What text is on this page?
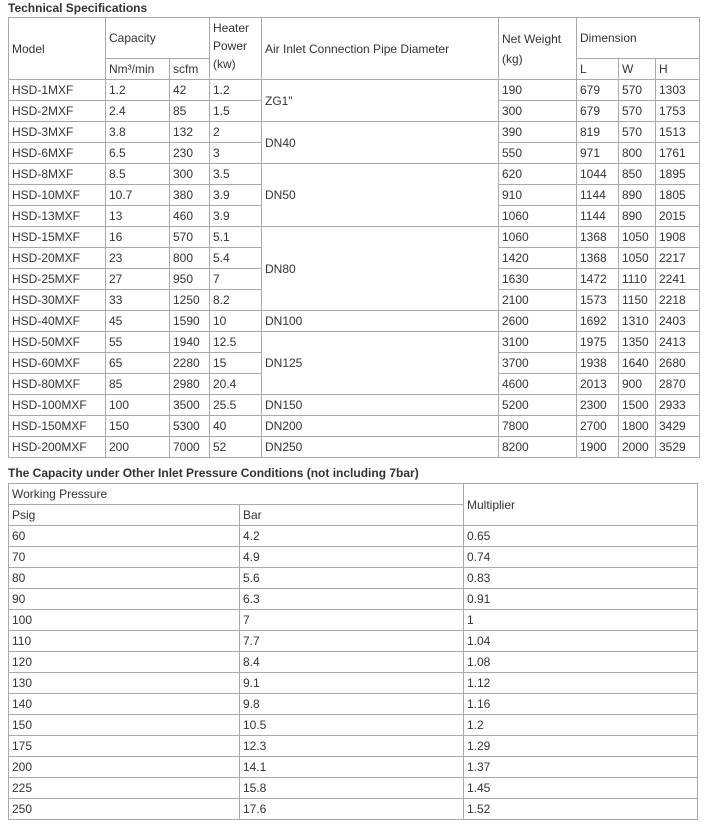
Technical Specifications
Model	Capacity		Heater Power (kw)	Air Inlet Connection Pipe Diameter	Net Weight (kg)	Dimension		
	Nm³/min	scfm				L	W	H
HSD-1MXF	1.2	42	1.2	ZG1"	190	679	570	1303
HSD-2MXF	2.4	85	1.5		300	679	570	1753
HSD-3MXF	3.8	132	2	DN40	390	819	570	1513
HSD-6MXF	6.5	230	3		550	971	800	1761
HSD-8MXF	8.5	300	3.5	DN50	620	1044	850	1895
HSD-10MXF	10.7	380	3.9		910	1144	890	1805
HSD-13MXF	13	460	3.9		1060	1144	890	2015
HSD-15MXF	16	570	5.1	DN80	1060	1368	1050	1908
HSD-20MXF	23	800	5.4		1420	1368	1050	2217
HSD-25MXF	27	950	7		1630	1472	1110	2241
HSD-30MXF	33	1250	8.2		2100	1573	1150	2218
HSD-40MXF	45	1590	10	DN100	2600	1692	1310	2403
HSD-50MXF	55	1940	12.5	DN125	3100	1975	1350	2413
HSD-60MXF	65	2280	15		3700	1938	1640	2680
HSD-80MXF	85	2980	20.4		4600	2013	900	2870
HSD-100MXF	100	3500	25.5	DN150	5200	2300	1500	2933
HSD-150MXF	150	5300	40	DN200	7800	2700	1800	3429
HSD-200MXF	200	7000	52	DN250	8200	1900	2000	3529
The Capacity under Other Inlet Pressure Conditions (not including 7bar)
Working Pressure		Multiplier
Psig	Bar	
60	4.2	0.65
70	4.9	0.74
80	5.6	0.83
90	6.3	0.91
100	7	1
110	7.7	1.04
120	8.4	1.08
130	9.1	1.12
140	9.8	1.16
150	10.5	1.2
175	12.3	1.29
200	14.1	1.37
225	15.8	1.45
250	17.6	1.52
